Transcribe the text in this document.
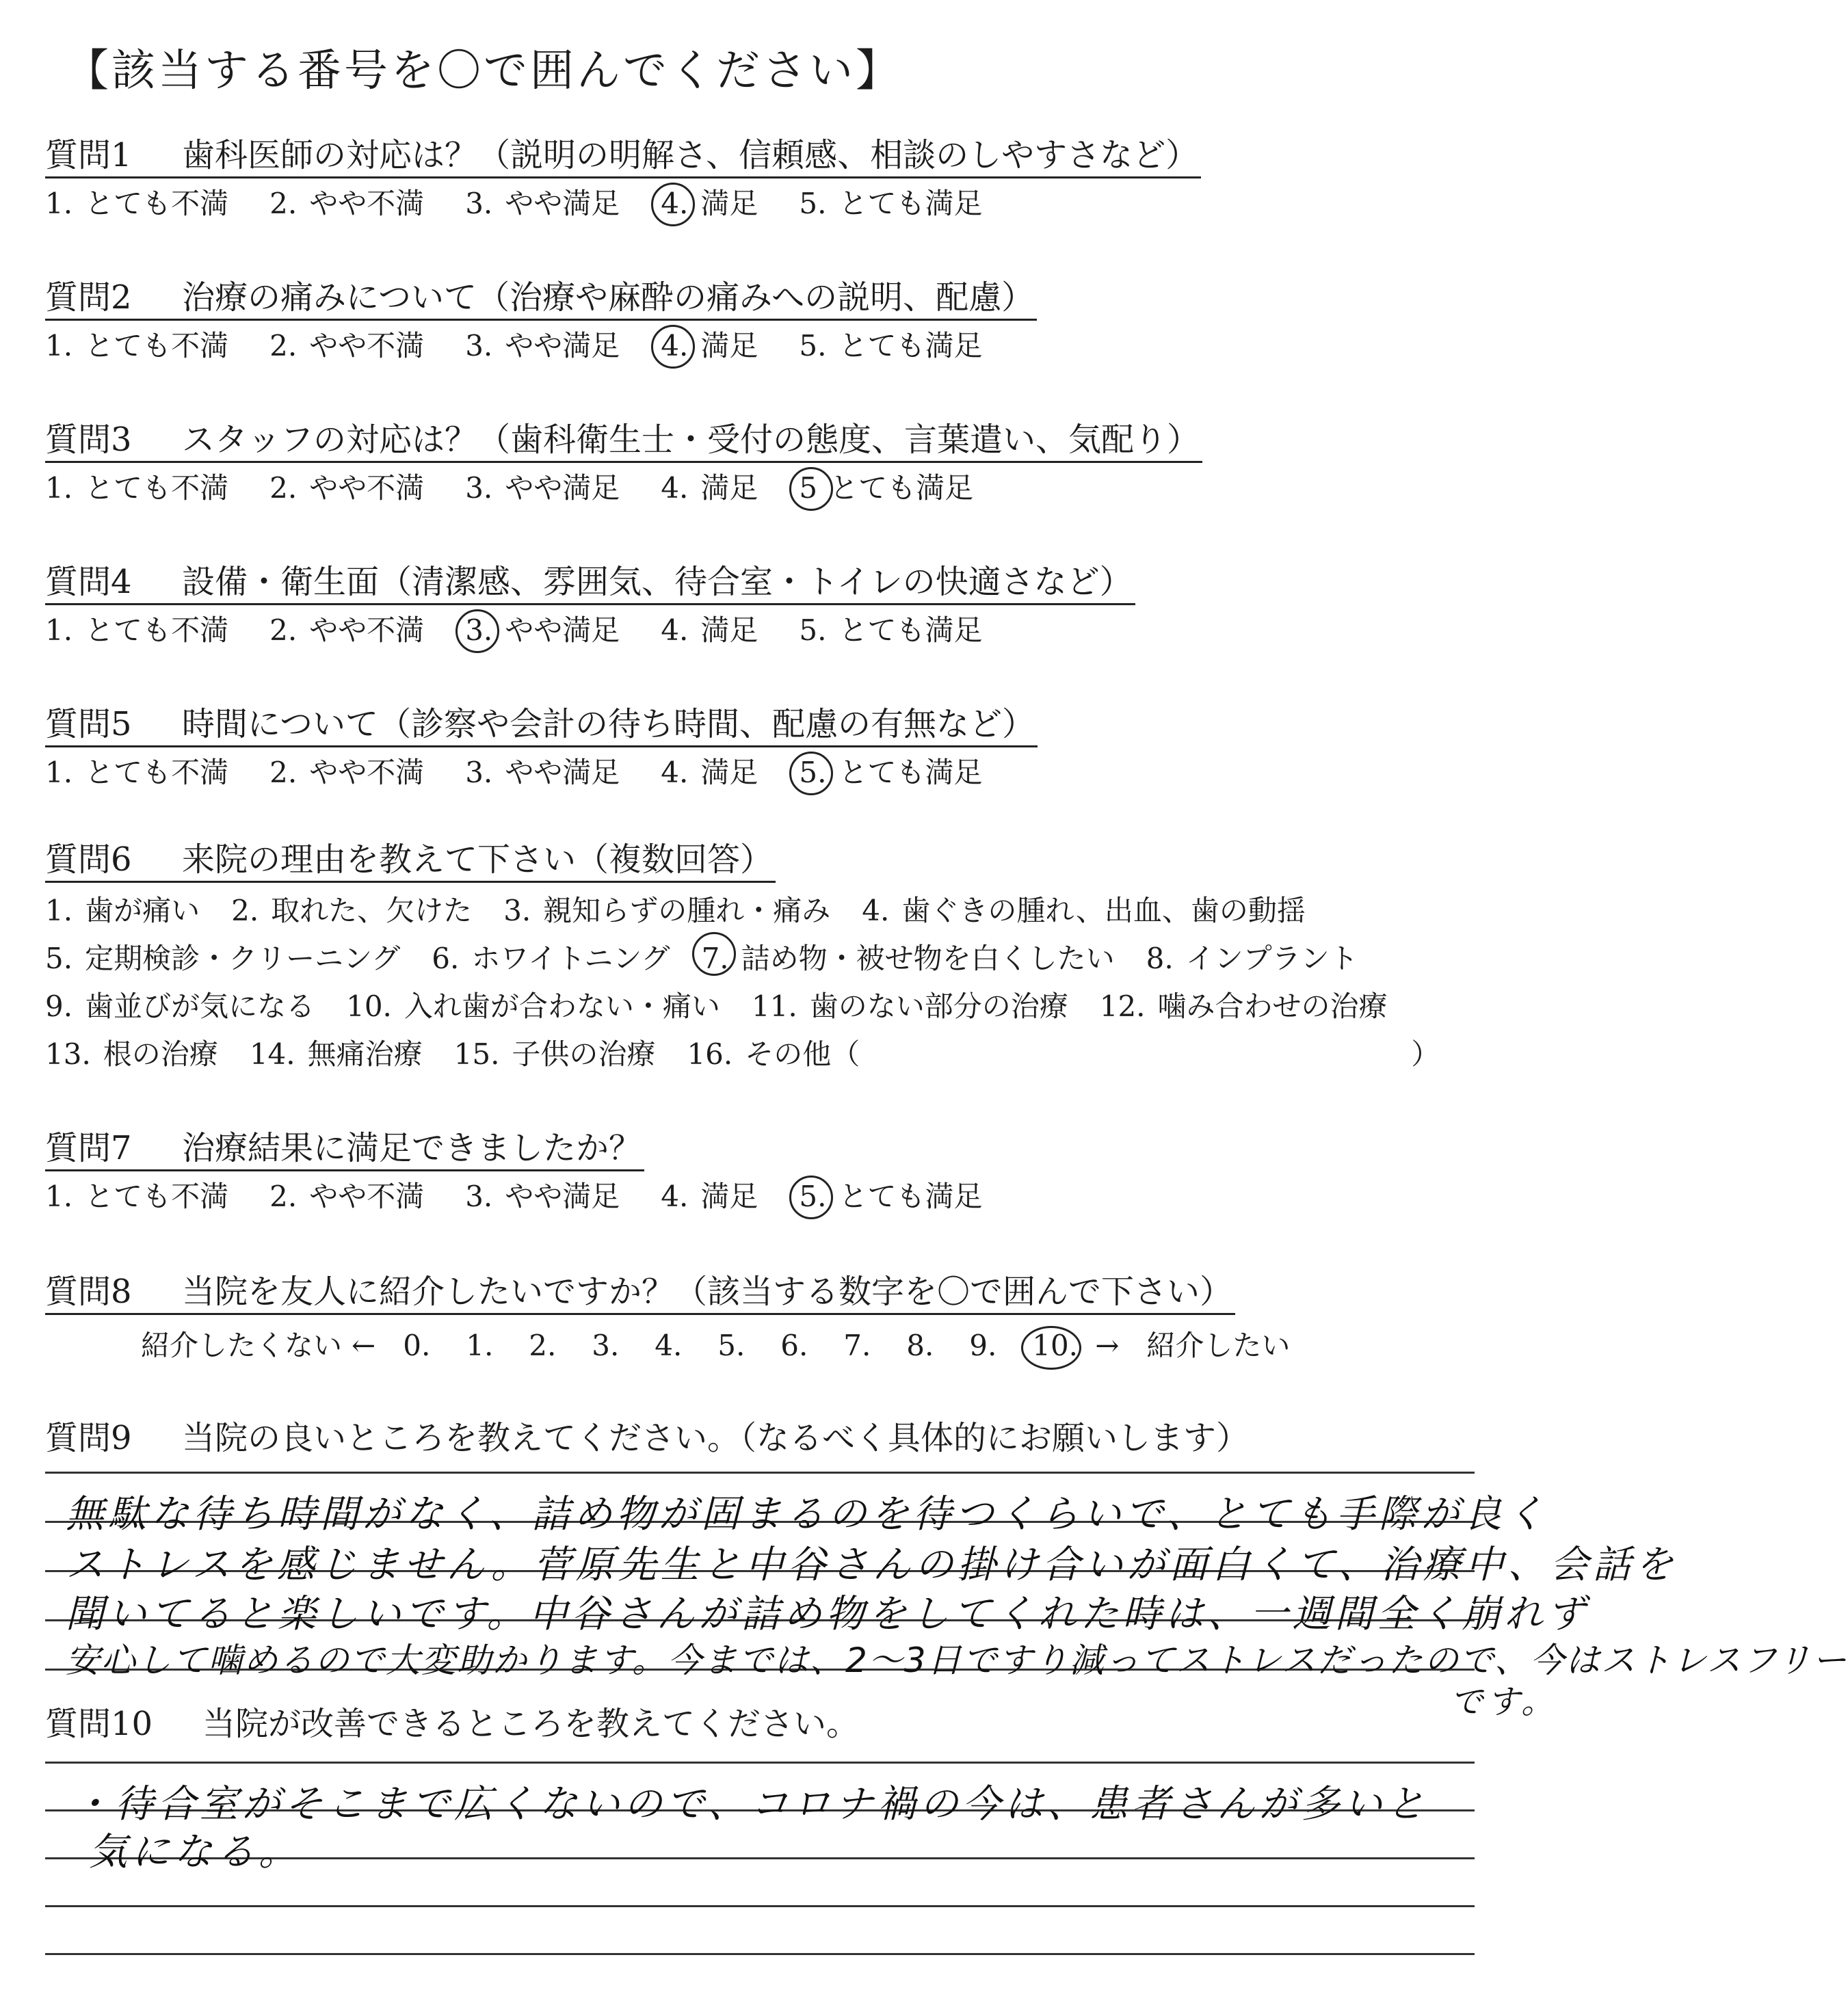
【該当する番号を〇で囲んでください】
質問1 歯科医師の対応は？（説明の明解さ、信頼感、相談のしやすさなど）
1. とても不満 2. やや不満 3. やや満足 4. 満足 5. とても満足
質問2 治療の痛みについて（治療や麻酔の痛みへの説明、配慮）
1. とても不満 2. やや不満 3. やや満足 4. 満足 5. とても満足
質問3 スタッフの対応は？（歯科衛生士・受付の態度、言葉遣い、気配り）
1. とても不満 2. やや不満 3. やや満足 4. 満足 5 とても満足
質問4 設備・衛生面（清潔感、雰囲気、待合室・トイレの快適さなど）
1. とても不満 2. やや不満 3. やや満足 4. 満足 5. とても満足
質問5 時間について（診察や会計の待ち時間、配慮の有無など）
1. とても不満 2. やや不満 3. やや満足 4. 満足 5. とても満足
質問6 来院の理由を教えて下さい（複数回答）
1. 歯が痛い 2. 取れた、欠けた 3. 親知らずの腫れ・痛み 4. 歯ぐきの腫れ、出血、歯の動揺
5. 定期検診・クリーニング 6. ホワイトニング 7. 詰め物・被せ物を白くしたい 8. インプラント
9. 歯並びが気になる 10. 入れ歯が合わない・痛い 11. 歯のない部分の治療 12. 噛み合わせの治療
13. 根の治療 14. 無痛治療 15. 子供の治療 16. その他（	）
質問7 治療結果に満足できましたか？
1. とても不満 2. やや不満 3. やや満足 4. 満足 5. とても満足
質問8 当院を友人に紹介したいですか？（該当する数字を〇で囲んで下さい）
紹介したくない ← 0. 1. 2. 3. 4. 5. 6. 7. 8. 9. 10. → 紹介したい
質問9 当院の良いところを教えてください。（なるべく具体的にお願いします）
無駄な待ち時間がなく、詰め物が固まるのを待つくらいで、とても手際が良く
ストレスを感じません。菅原先生と中谷さんの掛け合いが面白くて、治療中、会話を
聞いてると楽しいです。中谷さんが詰め物をしてくれた時は、一週間全く崩れず
安心して噛めるので大変助かります。今までは、2～3日ですり減ってストレスだったので、今はストレスフリー
です。
質問10 当院が改善できるところを教えてください。
・待合室がそこまで広くないので、コロナ禍の今は、患者さんが多いと
気になる。
